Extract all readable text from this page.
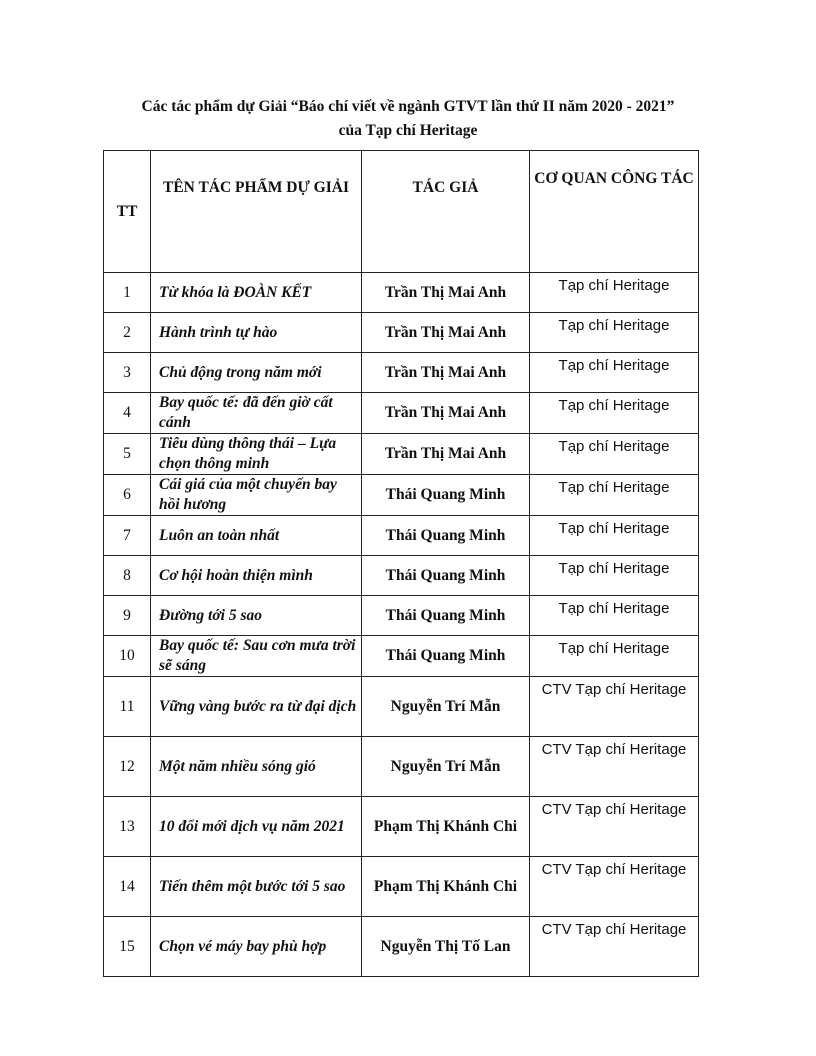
Các tác phẩm dự Giải “Báo chí viết về ngành GTVT lần thứ II năm 2020 - 2021”
của Tạp chí Heritage
TT	TÊN TÁC PHẨM DỰ GIẢI	TÁC GIẢ	CƠ QUAN CÔNG TÁC
1	Từ khóa là ĐOÀN KẾT	Trần Thị Mai Anh	Tạp chí Heritage
2	Hành trình tự hào	Trần Thị Mai Anh	Tạp chí Heritage
3	Chủ động trong năm mới	Trần Thị Mai Anh	Tạp chí Heritage
4	Bay quốc tế: đã đến giờ cất cánh	Trần Thị Mai Anh	Tạp chí Heritage
5	Tiêu dùng thông thái – Lựa chọn thông minh	Trần Thị Mai Anh	Tạp chí Heritage
6	Cái giá của một chuyến bay hồi hương	Thái Quang Minh	Tạp chí Heritage
7	Luôn an toàn nhất	Thái Quang Minh	Tạp chí Heritage
8	Cơ hội hoàn thiện mình	Thái Quang Minh	Tạp chí Heritage
9	Đường tới 5 sao	Thái Quang Minh	Tạp chí Heritage
10	Bay quốc tế: Sau cơn mưa trời sẽ sáng	Thái Quang Minh	Tạp chí Heritage
11	Vững vàng bước ra từ đại dịch	Nguyễn Trí Mẫn	CTV Tạp chí Heritage
12	Một năm nhiều sóng gió	Nguyễn Trí Mẫn	CTV Tạp chí Heritage
13	10 đổi mới dịch vụ năm 2021	Phạm Thị Khánh Chi	CTV Tạp chí Heritage
14	Tiến thêm một bước tới 5 sao	Phạm Thị Khánh Chi	CTV Tạp chí Heritage
15	Chọn vé máy bay phù hợp	Nguyễn Thị Tố Lan	CTV Tạp chí Heritage
